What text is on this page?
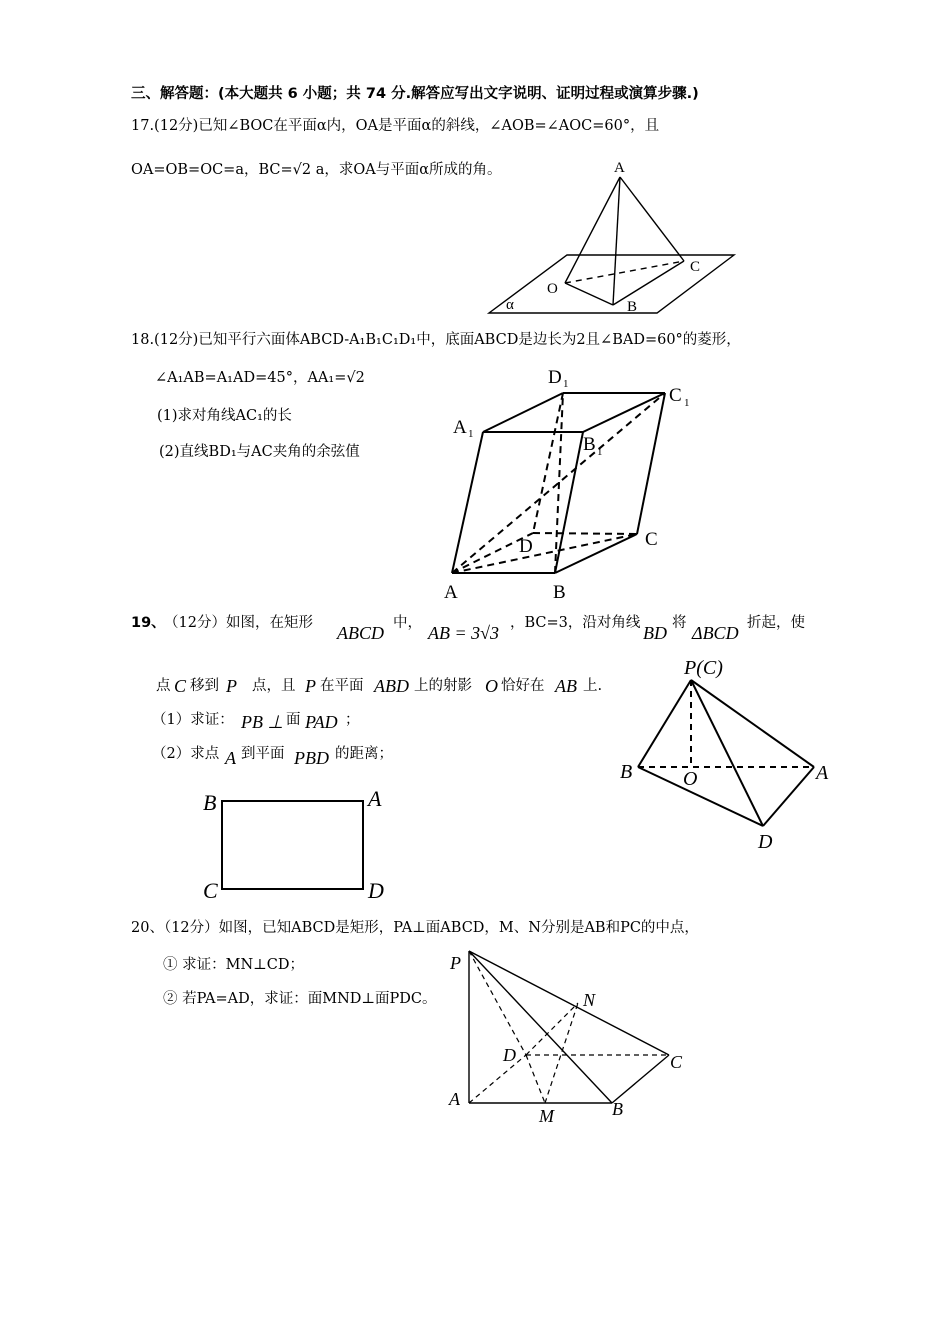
三、解答题：(本大题共 6 小题；共 74 分.解答应写出文字说明、证明过程或演算步骤.)
17.(12分)已知∠BOC在平面α内，OA是平面α的斜线，∠AOB=∠AOC=60°，且
OA=OB=OC=a，BC=√2 a，求OA与平面α所成的角。	A
O
B
C
α
18.(12分)已知平行六面体ABCD-A₁B₁C₁D₁中，底面ABCD是边长为2且∠BAD=60°的菱形，
∠A₁AB=A₁AD=45°，AA₁=√2
(1)求对角线AC₁的长
(2)直线BD₁与AC夹角的余弦值
A	B
C
D
A 1	B 1
C 1
D 1
19、
（12分）如图，在矩形 ABCD 中， AB = 3√3 ，BC=3，沿对角线 BD 将 ΔBCD 折起，使
点 C 移到 P 点，且 P 在平面 ABD 上的射影 O 恰好在 AB 上.
（1）求证： PB ⊥ 面 PAD ；
（2）求点 A 到平面 PBD 的距离；
P(C)
B	O	A
D
B	A
C	D
20、（12分）如图，已知ABCD是矩形，PA⊥面ABCD，M、N分别是AB和PC的中点，
① 求证：MN⊥CD；
② 若PA=AD，求证：面MND⊥面PDC。
P
N
D	C
A
M	B
